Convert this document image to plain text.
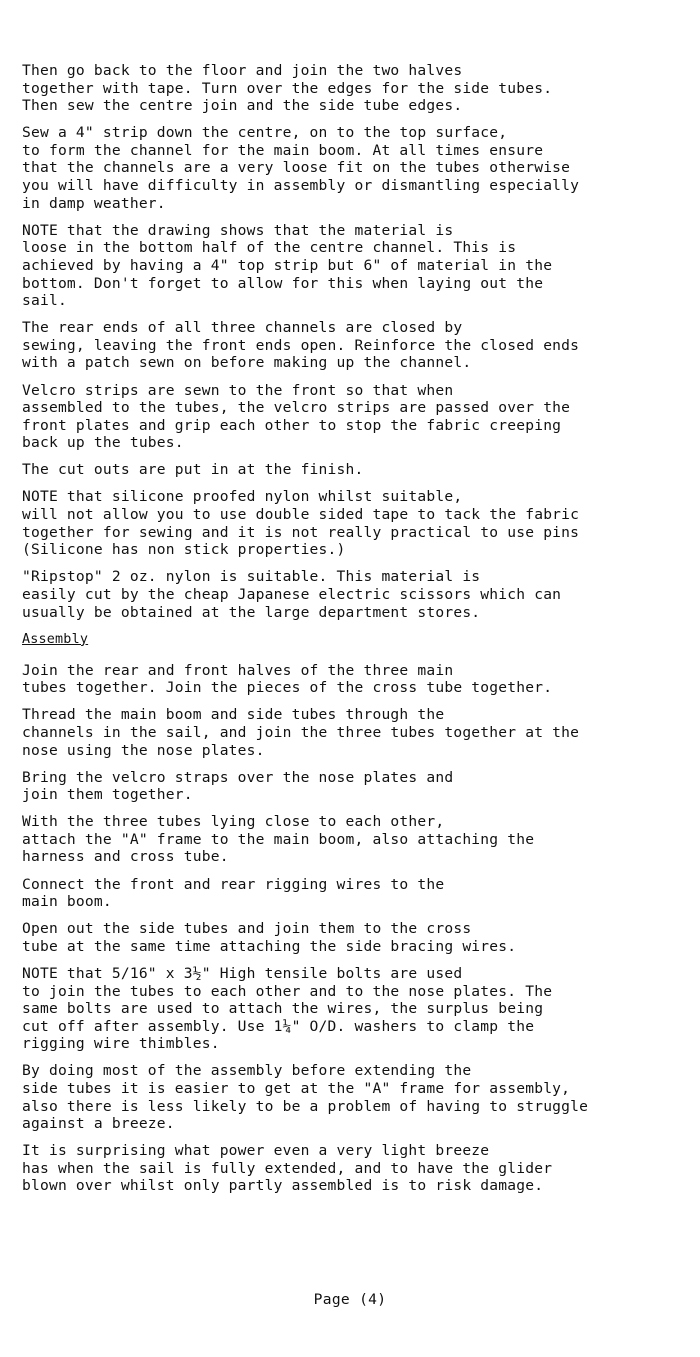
Then go back to the floor and join the two halves
together with tape. Turn over the edges for the side tubes.
Then sew the centre join and the side tube edges.

Sew a 4" strip down the centre, on to the top surface,
to form the channel for the main boom. At all times ensure
that the channels are a very loose fit on the tubes otherwise
you will have difficulty in assembly or dismantling especially
in damp weather.

NOTE that the drawing shows that the material is
loose in the bottom half of the centre channel. This is
achieved by having a 4" top strip but 6" of material in the
bottom. Don't forget to allow for this when laying out the
sail.

The rear ends of all three channels are closed by
sewing, leaving the front ends open. Reinforce the closed ends
with a patch sewn on before making up the channel.

Velcro strips are sewn to the front so that when
assembled to the tubes, the velcro strips are passed over the
front plates and grip each other to stop the fabric creeping
back up the tubes.

The cut outs are put in at the finish.

NOTE that silicone proofed nylon whilst suitable,
will not allow you to use double sided tape to tack the fabric
together for sewing and it is not really practical to use pins
(Silicone has non stick properties.)

"Ripstop" 2 oz. nylon is suitable. This material is
easily cut by the cheap Japanese electric scissors which can
usually be obtained at the large department stores.

Assembly

Join the rear and front halves of the three main
tubes together. Join the pieces of the cross tube together.

Thread the main boom and side tubes through the
channels in the sail, and join the three tubes together at the
nose using the nose plates.

Bring the velcro straps over the nose plates and
join them together.

With the three tubes lying close to each other,
attach the "A" frame to the main boom, also attaching the
harness and cross tube.

Connect the front and rear rigging wires to the
main boom.

Open out the side tubes and join them to the cross
tube at the same time attaching the side bracing wires.

NOTE that 5/16" x 3½" High tensile bolts are used
to join the tubes to each other and to the nose plates. The
same bolts are used to attach the wires, the surplus being
cut off after assembly. Use 1¼" O/D. washers to clamp the
rigging wire thimbles.

By doing most of the assembly before extending the
side tubes it is easier to get at the "A" frame for assembly,
also there is less likely to be a problem of having to struggle
against a breeze.

It is surprising what power even a very light breeze
has when the sail is fully extended, and to have the glider
blown over whilst only partly assembled is to risk damage.

Page (4)
